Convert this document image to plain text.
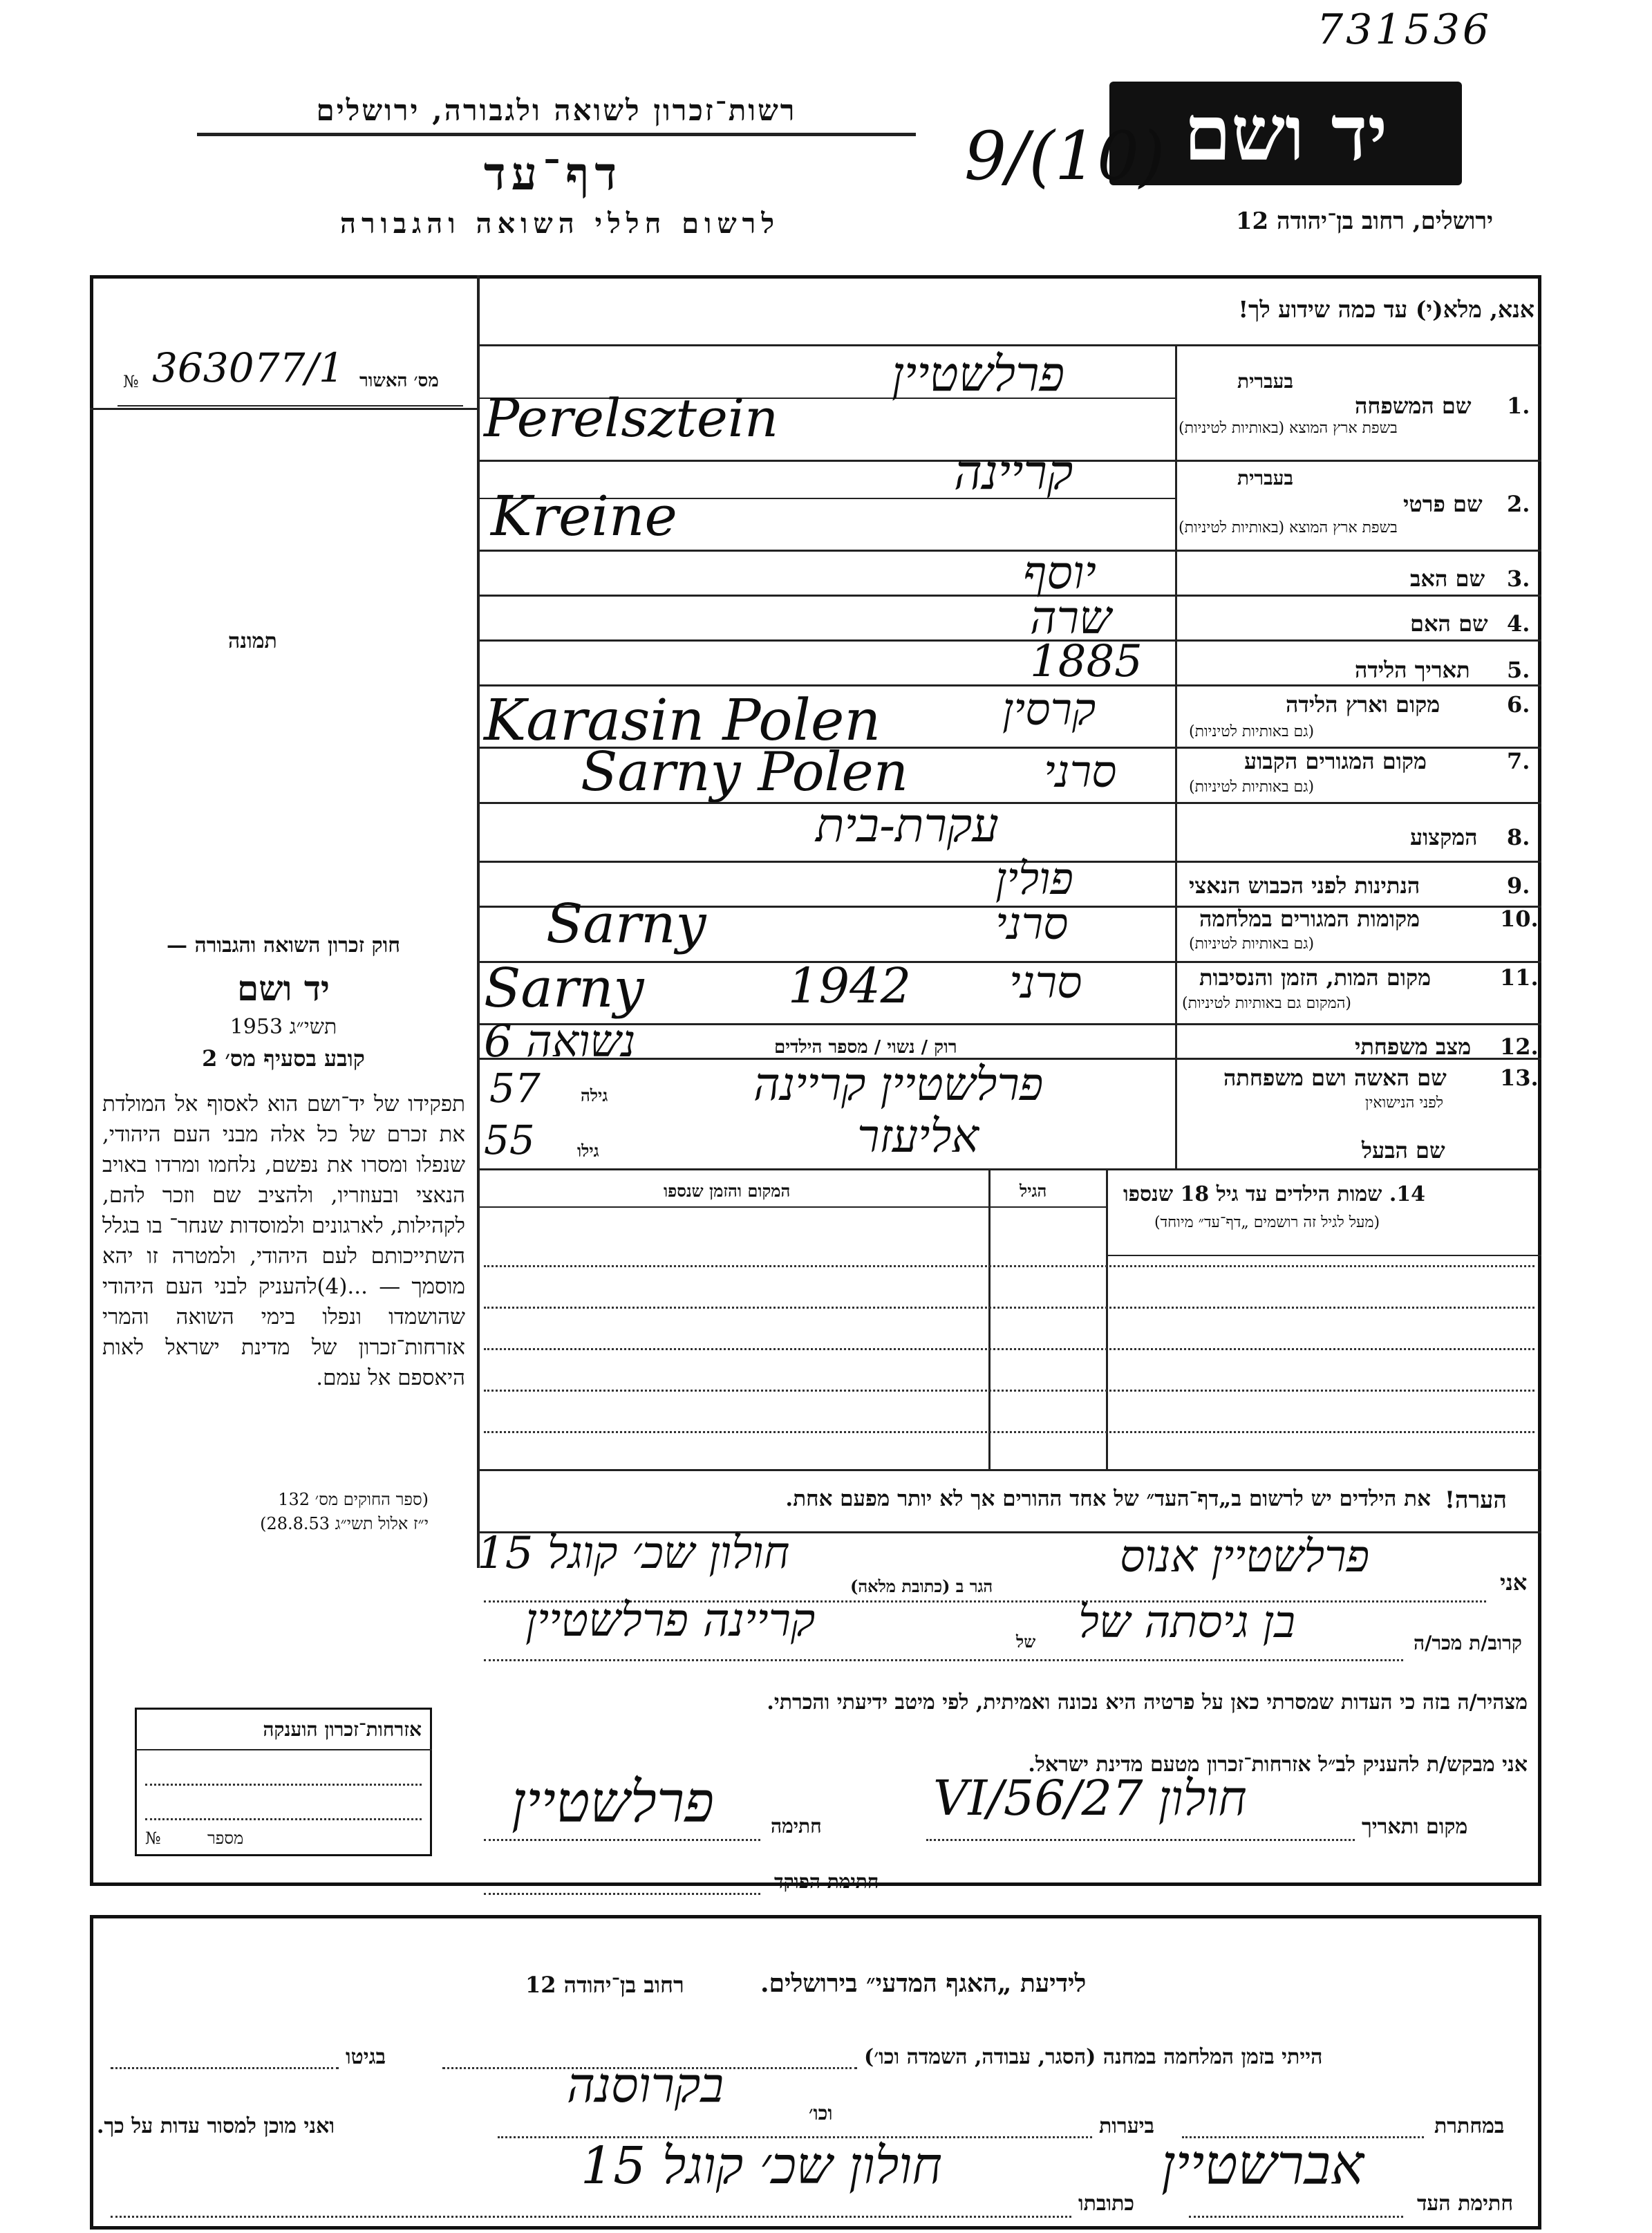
731536
רשות־זכרון לשואה ולגבורה, ירושלים
דף־עד
לרשום חללי השואה והגבורה
יד ושם
ירושלים, רחוב בן־יהודה 12
9/(10)
אנא, מלא(י) עד כמה שידוע לך!
מס׳ האשור
№ 363077/1
תמונה
בעברית
1.
שם המשפחה
בשפת ארץ המוצא (באותיות לטיניות)
פרלשטיין
Perelsztein
בעברית
2.
שם פרטי
בשפת ארץ המוצא (באותיות לטיניות)
קריינה
Kreine
3.
שם האב
יוסף
4.
שם האם
שרה
5.
תאריך הלידה
1885
6.
מקום וארץ הלידה
(גם באותיות לטיניות)
קרסין
Karasin Polen
7.
מקום המגורים הקבוע
(גם באותיות לטיניות)
סרני
Sarny Polen
8.
המקצוע
עקרת-בית
9.
הנתינות לפני הכבוש הנאצי
פולין
10.
מקומות המגורים במלחמה
(גם באותיות לטיניות)
סרני
Sarny
11.
מקום המות, הזמן והנסיבות
(המקום גם באותיות לטיניות)
סרני
1942
Sarny
12.
מצב משפחתי
רוק / נשוי / מספר הילדים
נשואה 6
13.
שם האשה ושם משפחתה
לפני הנישואין
גילה
57	פרלשטיין קריינה
שם הבעל
גילו
55	אליעזר
14. שמות הילדים עד גיל 18 שנספו
(מעל לגיל זה רושמים „דף־עד״ מיוחד)
הגיל
המקום והזמן שנספו
חוק זכרון השואה והגבורה —
יד ושם
תשי״ג 1953
קובע בסעיף מס׳ 2
תפקידו של יד־ושם הוא לאסוף אל המולדת את זכרם של כל אלה מבני העם היהודי, שנפלו ומסרו את נפשם, נלחמו ומרדו באויב הנאצי ובעוזריו, ולהציב שם וזכר להם, לקהילות, לארגונים ולמוסדות שנחר־ בו בגלל השתייכותם לעם היהודי, ולמטרה זו יהא מוסמך — ...(4)להעניק לבני העם היהודי שהושמדו ונפלו בימי השואה והמרי אזרחות־זכרון של מדינת ישראל לאות היאספם אל עמם.
(ספר החוקים מס׳ 132
י״ז אלול תשי״ג 28.8.53)
הערה!
את הילדים יש לרשום ב„דף־העד״ של אחד ההורים אך לא יותר מפעם אחת.
אני
פרלשטיין אנוס
הגר ב (כתובת מלאה)
חולון שכ׳ קוגל 15
קרוב/ת מכר/ה
בן גיסתה של
של
קריינה פרלשטיין
מצהיר/ה בזה כי העדות שמסרתי כאן על פרטיה היא נכונה ואמיתית, לפי מיטב ידיעתי והכרתי.
אזרחות־זכרון הוענקה
מספר
№
אני מבקש/ת להעניק לב״ל אזרחות־זכרון מטעם מדינת ישראל.
מקום ותאריך
חולון 27/VI/56
חתימה
פרלשטיין
חתימת הפוקד
לידיעת „האגף המדעי״ בירושלים.
רחוב בן־יהודה 12
הייתי בזמן המלחמה במחנה (הסגר, עבודה, השמדה וכו׳)
בגיטו
במחתרת
ביערות
וכו׳
בקרוסנה
ואני מוכן למסור עדות על כך.
חתימת העד
אברשטיין
כתובתו
חולון שכ׳ קוגל 15
